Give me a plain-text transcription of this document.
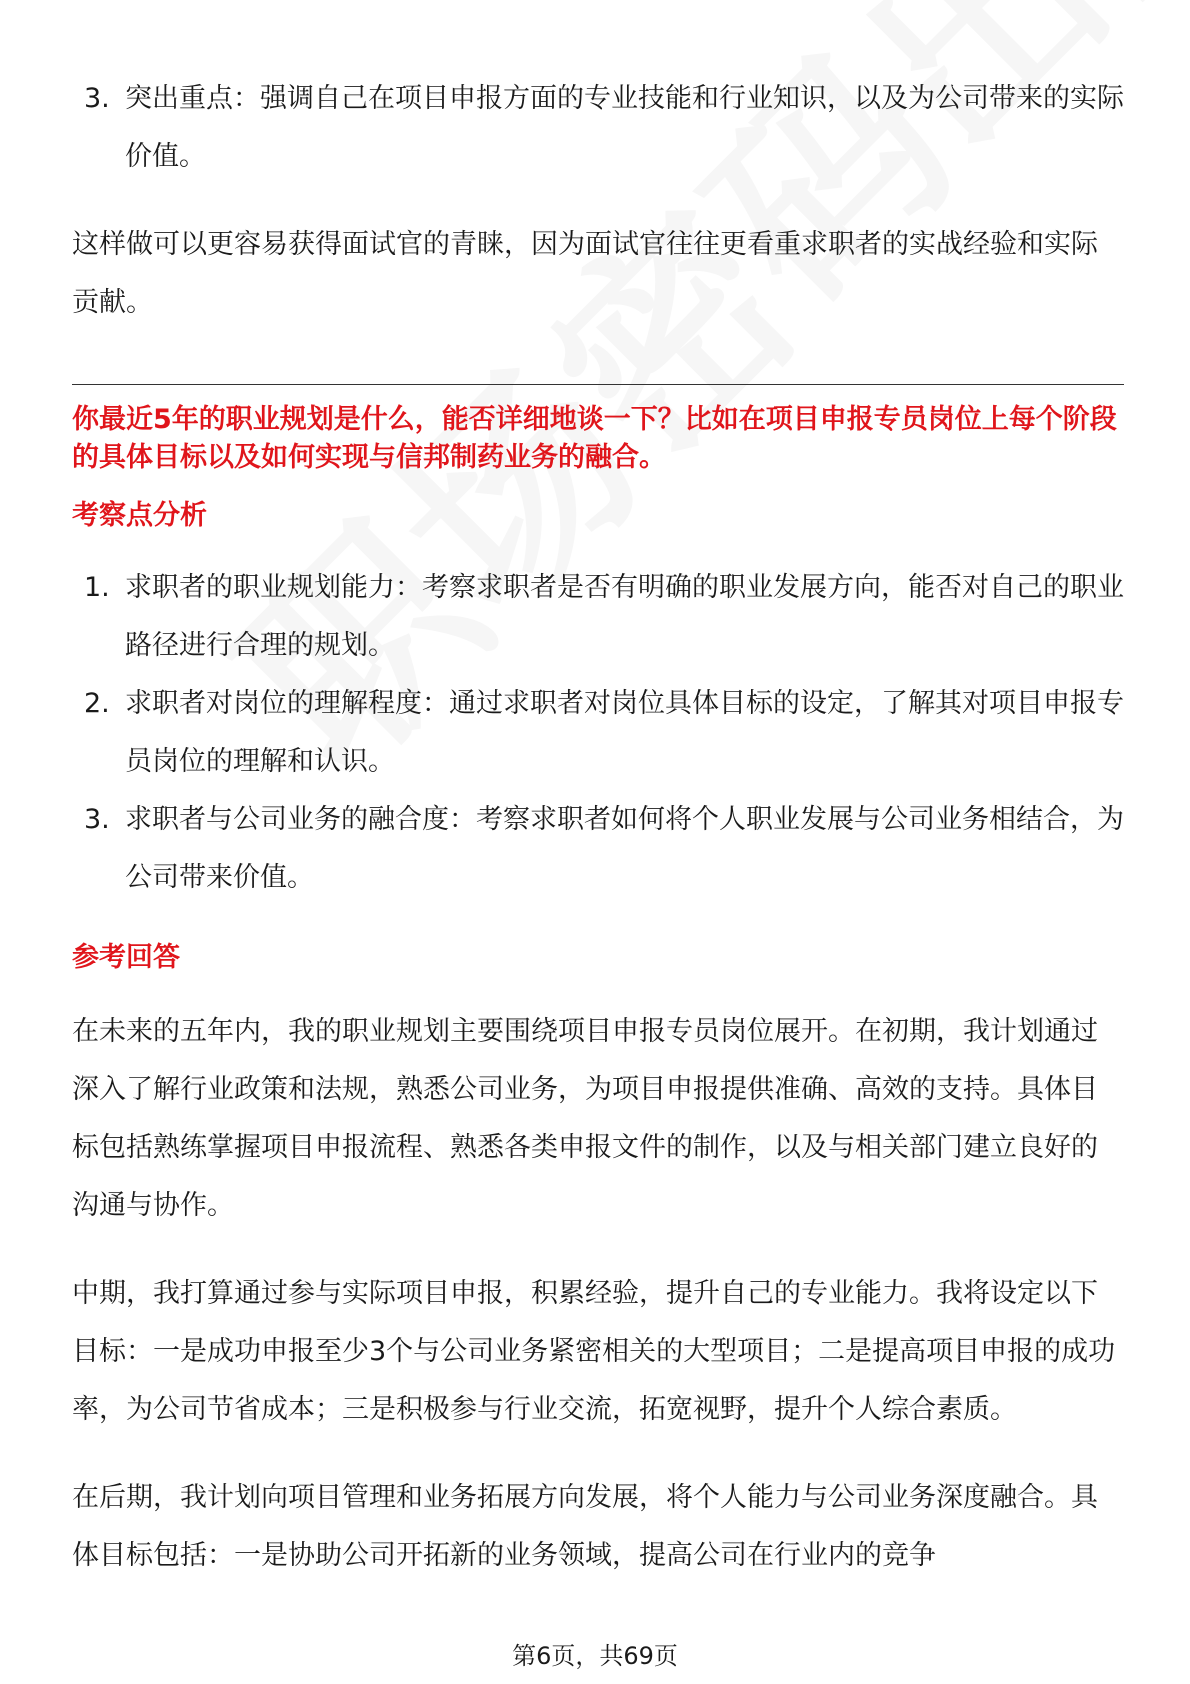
3. 突出重点：强调自己在项目申报方面的专业技能和行业知识，以及为公司带来的实际价值。
这样做可以更容易获得面试官的青睐，因为面试官往往更看重求职者的实战经验和实际贡献。
你最近5年的职业规划是什么，能否详细地谈一下？比如在项目申报专员岗位上每个阶段的具体目标以及如何实现与信邦制药业务的融合。
考察点分析
1. 求职者的职业规划能力：考察求职者是否有明确的职业发展方向，能否对自己的职业路径进行合理的规划。
2. 求职者对岗位的理解程度：通过求职者对岗位具体目标的设定，了解其对项目申报专员岗位的理解和认识。
3. 求职者与公司业务的融合度：考察求职者如何将个人职业发展与公司业务相结合，为公司带来价值。
参考回答
在未来的五年内，我的职业规划主要围绕项目申报专员岗位展开。在初期，我计划通过深入了解行业政策和法规，熟悉公司业务，为项目申报提供准确、高效的支持。具体目标包括熟练掌握项目申报流程、熟悉各类申报文件的制作，以及与相关部门建立良好的沟通与协作。
中期，我打算通过参与实际项目申报，积累经验，提升自己的专业能力。我将设定以下目标：一是成功申报至少3个与公司业务紧密相关的大型项目；二是提高项目申报的成功率，为公司节省成本；三是积极参与行业交流，拓宽视野，提升个人综合素质。
在后期，我计划向项目管理和业务拓展方向发展，将个人能力与公司业务深度融合。具体目标包括：一是协助公司开拓新的业务领域，提高公司在行业内的竞争
第6页，共69页
